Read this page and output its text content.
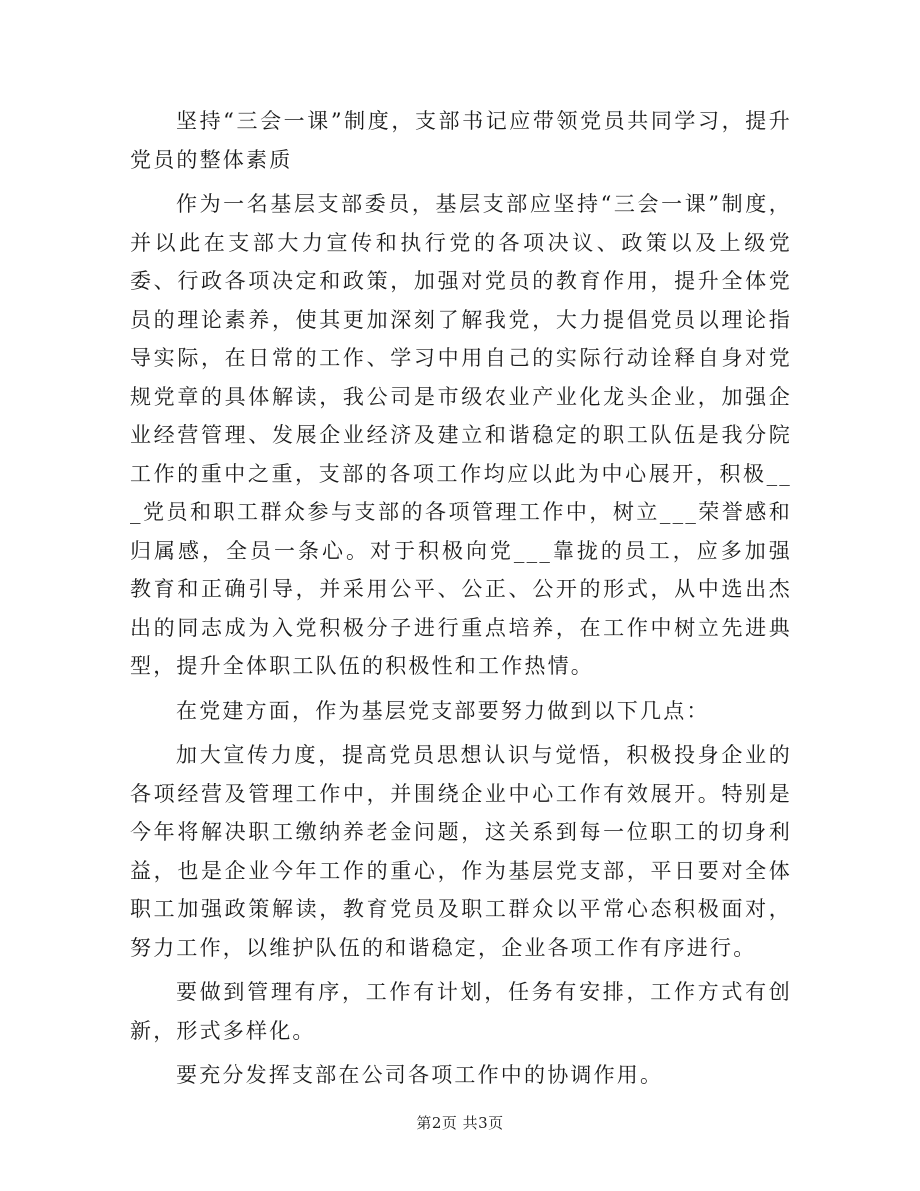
坚持“三会一课”制度，支部书记应带领党员共同学习，提升党员的整体素质

作为一名基层支部委员，基层支部应坚持“三会一课”制度，并以此在支部大力宣传和执行党的各项决议、政策以及上级党委、行政各项决定和政策，加强对党员的教育作用，提升全体党员的理论素养，使其更加深刻了解我党，大力提倡党员以理论指导实际，在日常的工作、学习中用自己的实际行动诠释自身对党规党章的具体解读，我公司是市级农业产业化龙头企业，加强企业经营管理、发展企业经济及建立和谐稳定的职工队伍是我分院工作的重中之重，支部的各项工作均应以此为中心展开，积极___党员和职工群众参与支部的各项管理工作中，树立___荣誉感和归属感，全员一条心。对于积极向党___靠拢的员工，应多加强教育和正确引导，并采用公平、公正、公开的形式，从中选出杰出的同志成为入党积极分子进行重点培养，在工作中树立先进典型，提升全体职工队伍的积极性和工作热情。

在党建方面，作为基层党支部要努力做到以下几点：

加大宣传力度，提高党员思想认识与觉悟，积极投身企业的各项经营及管理工作中，并围绕企业中心工作有效展开。特别是今年将解决职工缴纳养老金问题，这关系到每一位职工的切身利益，也是企业今年工作的重心，作为基层党支部，平日要对全体职工加强政策解读，教育党员及职工群众以平常心态积极面对，努力工作，以维护队伍的和谐稳定，企业各项工作有序进行。

要做到管理有序，工作有计划，任务有安排，工作方式有创新，形式多样化。

要充分发挥支部在公司各项工作中的协调作用。

第2页 共3页
